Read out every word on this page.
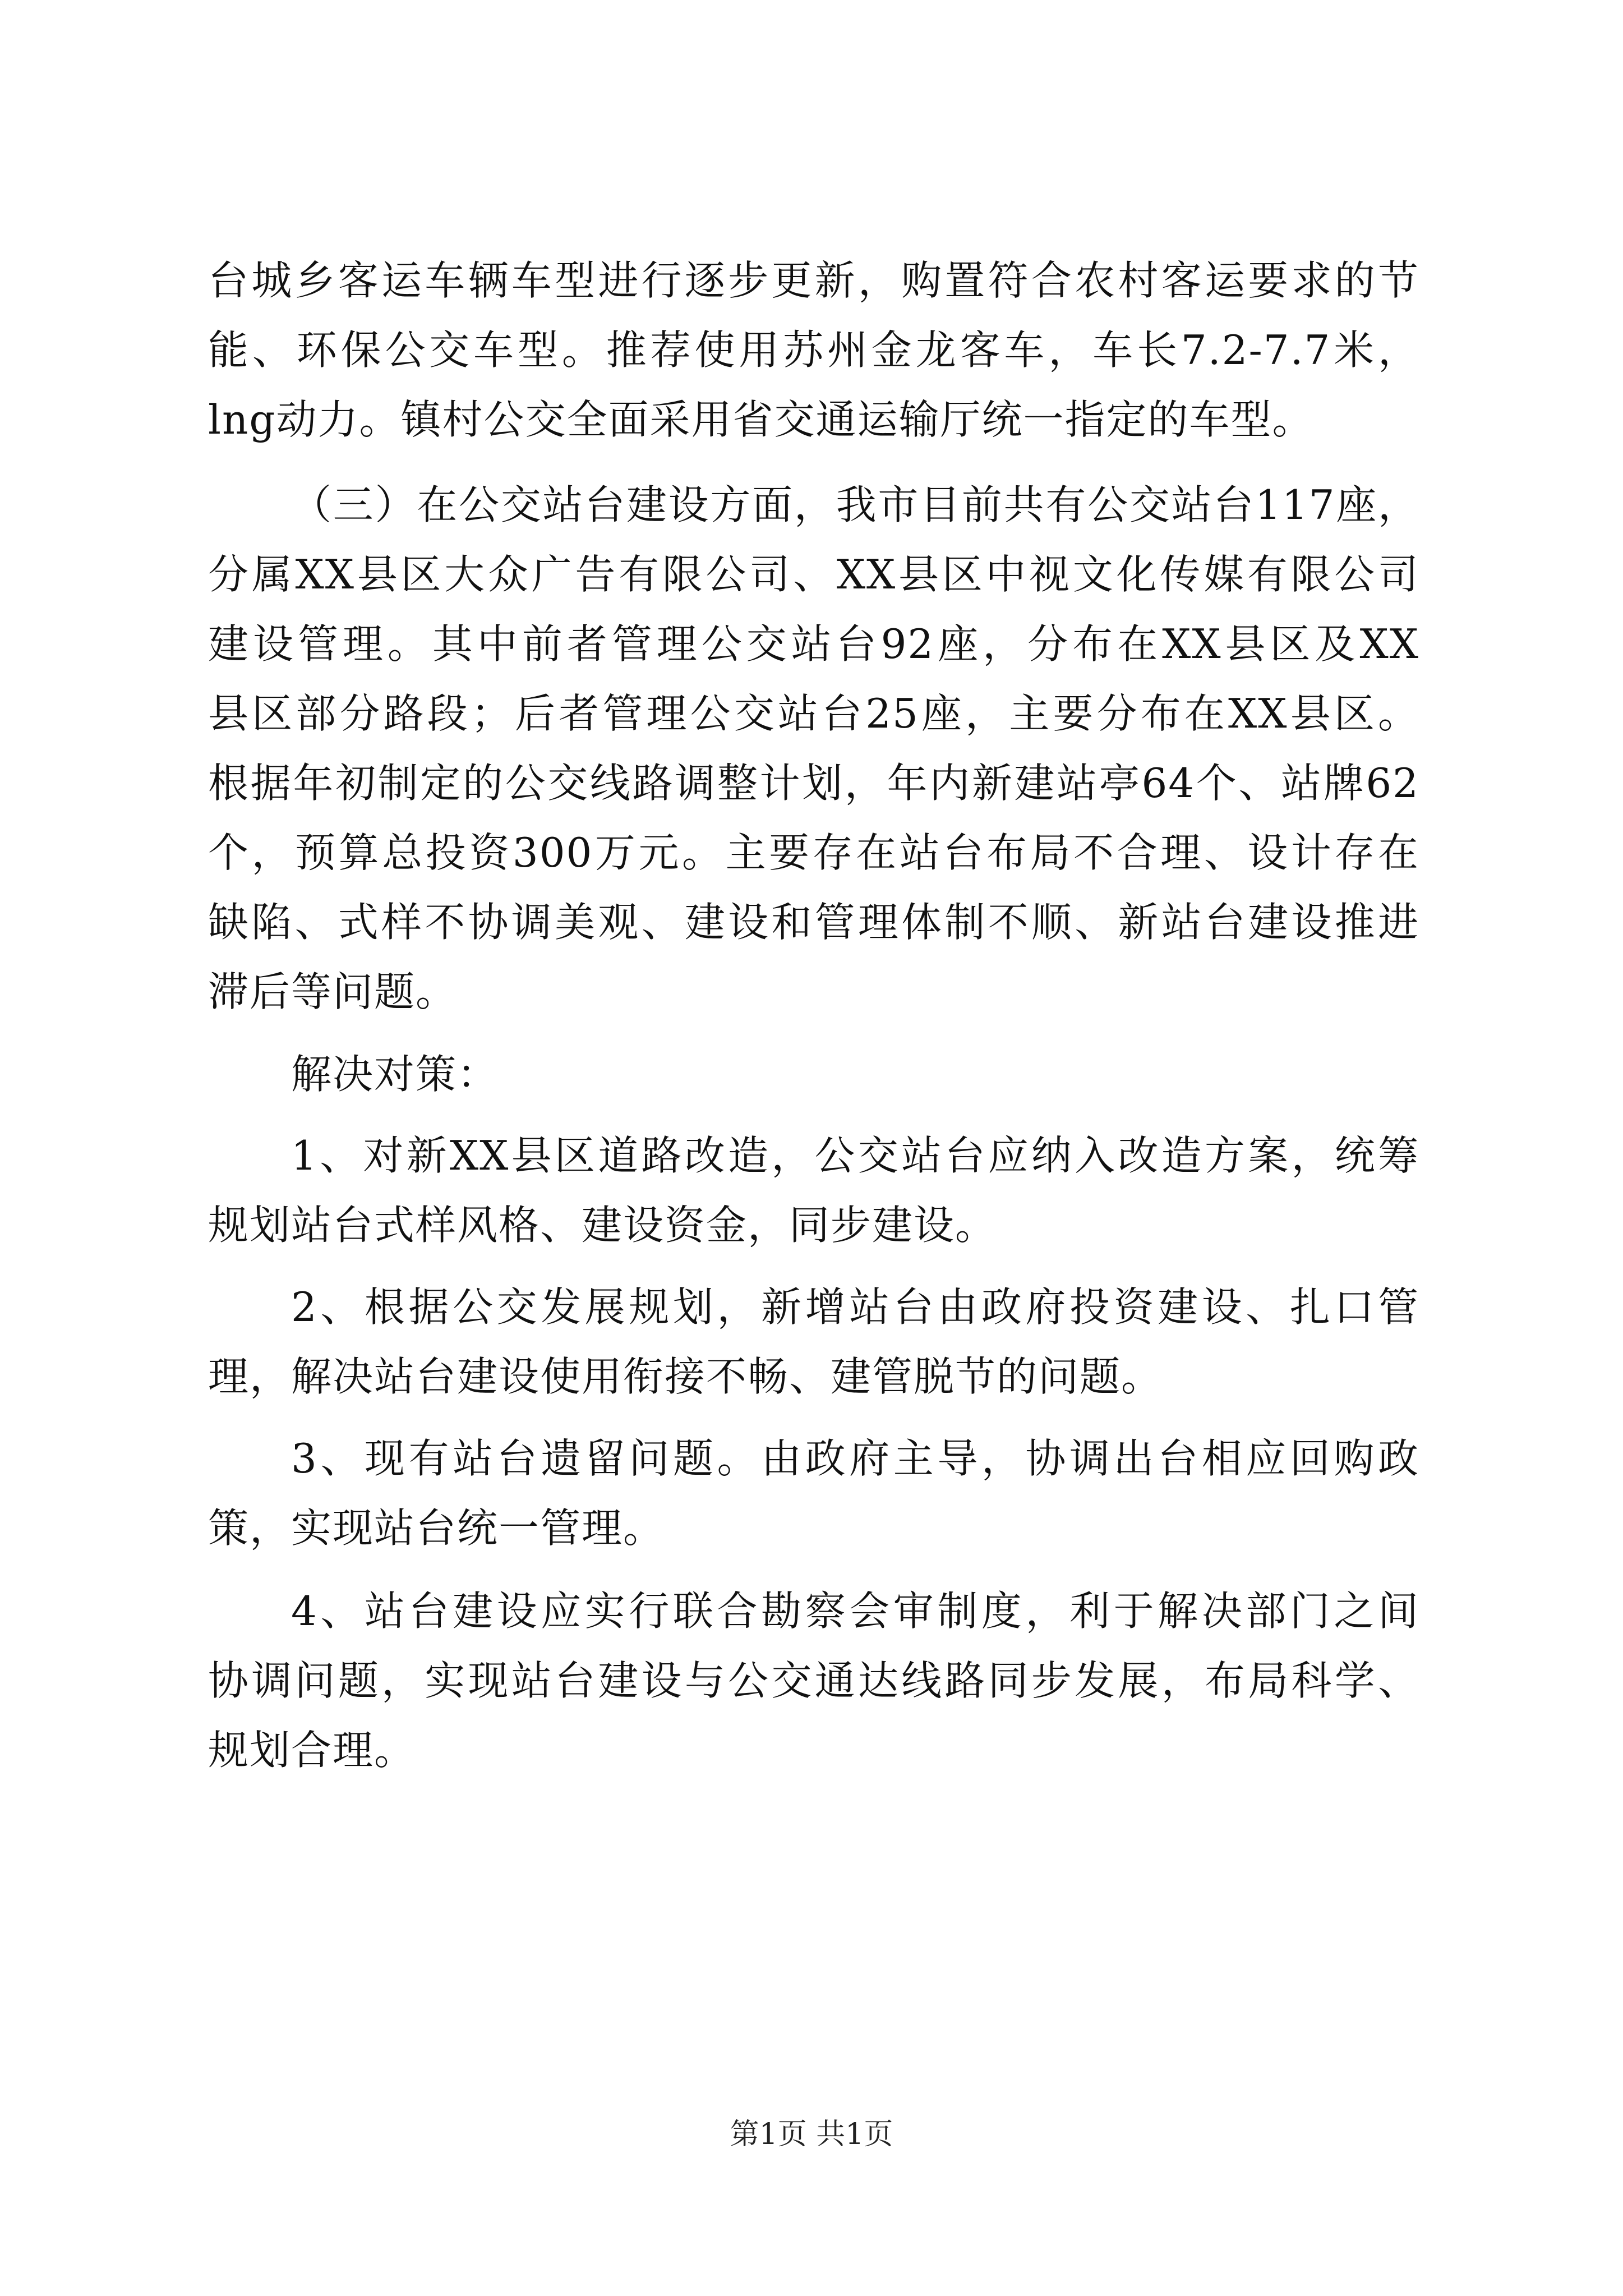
台城乡客运车辆车型进行逐步更新，购置符合农村客运要求的节
能、环保公交车型。推荐使用苏州金龙客车，车长7.2-7.7米，
lng动力。镇村公交全面采用省交通运输厅统一指定的车型。
（三）在公交站台建设方面，我市目前共有公交站台117座，
分属XX县区大众广告有限公司、XX县区中视文化传媒有限公司
建设管理。其中前者管理公交站台92座，分布在XX县区及XX
县区部分路段；后者管理公交站台25座，主要分布在XX县区。
根据年初制定的公交线路调整计划，年内新建站亭64个、站牌62
个，预算总投资300万元。主要存在站台布局不合理、设计存在
缺陷、式样不协调美观、建设和管理体制不顺、新站台建设推进
滞后等问题。
解决对策：
1、对新XX县区道路改造，公交站台应纳入改造方案，统筹
规划站台式样风格、建设资金，同步建设。
2、根据公交发展规划，新增站台由政府投资建设、扎口管
理，解决站台建设使用衔接不畅、建管脱节的问题。
3、现有站台遗留问题。由政府主导，协调出台相应回购政
策，实现站台统一管理。
4、站台建设应实行联合勘察会审制度，利于解决部门之间
协调问题，实现站台建设与公交通达线路同步发展，布局科学、
规划合理。
第1页 共1页
